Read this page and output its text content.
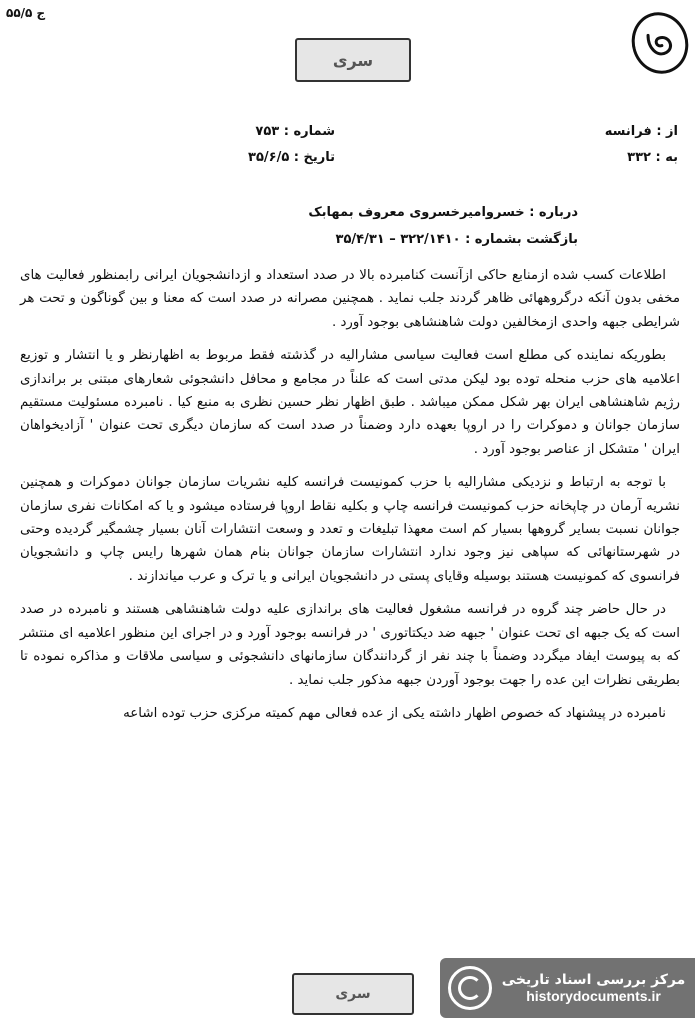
۵۵/ج ۵
سری
از : فرانسه
به : ۳۳۲
شماره : ۷۵۳
تاریخ : ۳۵/۶/۵
درباره : خسروامیرخسروی معروف بمهابک
بازگشت بشماره : ۳۲۲/۱۴۱۰ – ۳۵/۴/۳۱

اطلاعات کسب شده ازمنابع حاکی ازآنست کنامبرده بالا در صدد استعداد و ازدانشجویان ایرانی رابمنظور فعالیت های مخفی بدون آنکه درگروههائی ظاهر گردند جلب نماید . همچنین مصرانه در صدد است که معنا و بین گوناگون و تحت هر شرایطی جبهه واحدی ازمخالفین دولت شاهنشاهی بوجود آورد .

بطوریکه نماینده کی مطلع است فعالیت سیاسی مشارالیه در گذشته فقط مربوط به اظهارنظر و یا انتشار و توزیع اعلامیه های حزب منحله توده بود لیکن مدتی است که علناً در مجامع و محافل دانشجوئی شعارهای مبتنی بر براندازی رژیم شاهنشاهی ایران بهر شکل ممکن میباشد . طبق اظهار نظر حسین نظری به منبع کیا . نامبرده مسئولیت مستقیم سازمان جوانان و دموکرات را در اروپا بعهده دارد وضمناً در صدد است که سازمان دیگری تحت عنوان ' آزادیخواهان ایران ' متشکل از عناصر بوجود آورد .

با توجه به ارتباط و نزدیکی مشارالیه با حزب کمونیست فرانسه کلیه نشریات سازمان جوانان دموکرات و همچنین نشریه آرمان در چاپخانه حزب کمونیست فرانسه چاپ و بکلیه نقاط اروپا فرستاده میشود و یا که امکانات نفری سازمان جوانان نسبت بسایر گروهها بسیار کم است معهذا تبلیغات و تعدد و وسعت انتشارات آنان بسیار چشمگیر گردیده وحتی در شهرستانهائی که سپاهی نیز وجود ندارد انتشارات سازمان جوانان بنام همان شهرها رایس چاپ و دانشجویان فرانسوی که کمونیست هستند بوسیله وقایای پستی در دانشجویان ایرانی و یا ترک و عرب میاندازند .

در حال حاضر چند گروه در فرانسه مشغول فعالیت های براندازی علیه دولت شاهنشاهی هستند و نامبرده در صدد است که یک جبهه ای تحت عنوان ' جبهه ضد دیکتاتوری ' در فرانسه بوجود آورد و در اجرای این منظور اعلامیه ای منتشر که به پیوست ایفاد میگردد وضمناً با چند نفر از گردانندگان سازمانهای دانشجوئی و سیاسی ملاقات و مذاکره نموده تا بطریقی نظرات این عده را جهت بوجود آوردن جبهه مذکور جلب نماید .

نامبرده در پیشنهاد که خصوص اظهار داشته یکی از عده فعالی مهم کمیته مرکزی حزب توده اشاعه

سری
مرکز بررسی اسناد تاریخی
historydocuments.ir
